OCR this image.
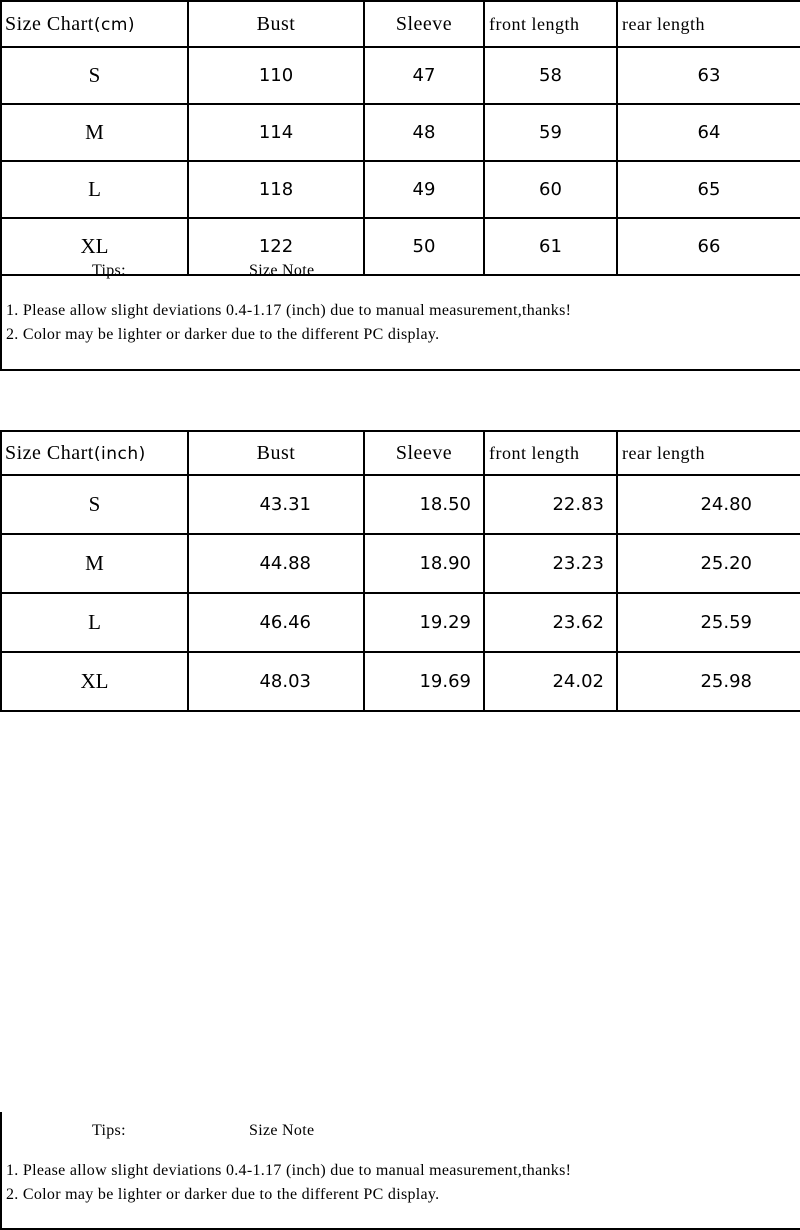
Size Chart(cm)	Bust	Sleeve	front length	rear length
S	110	47	58	63
M	114	48	59	64
L	118	49	60	65
XL	122	50	61	66
Tips:	Size Note
1. Please allow slight deviations 0.4-1.17 (inch) due to manual measurement,thanks!
2. Color may be lighter or darker due to the different PC display.
Size Chart(inch)	Bust	Sleeve	front length	rear length
S	43.31	18.50	22.83	24.80
M	44.88	18.90	23.23	25.20
L	46.46	19.29	23.62	25.59
XL	48.03	19.69	24.02	25.98
Tips:	Size Note
1. Please allow slight deviations 0.4-1.17 (inch) due to manual measurement,thanks!
2. Color may be lighter or darker due to the different PC display.
